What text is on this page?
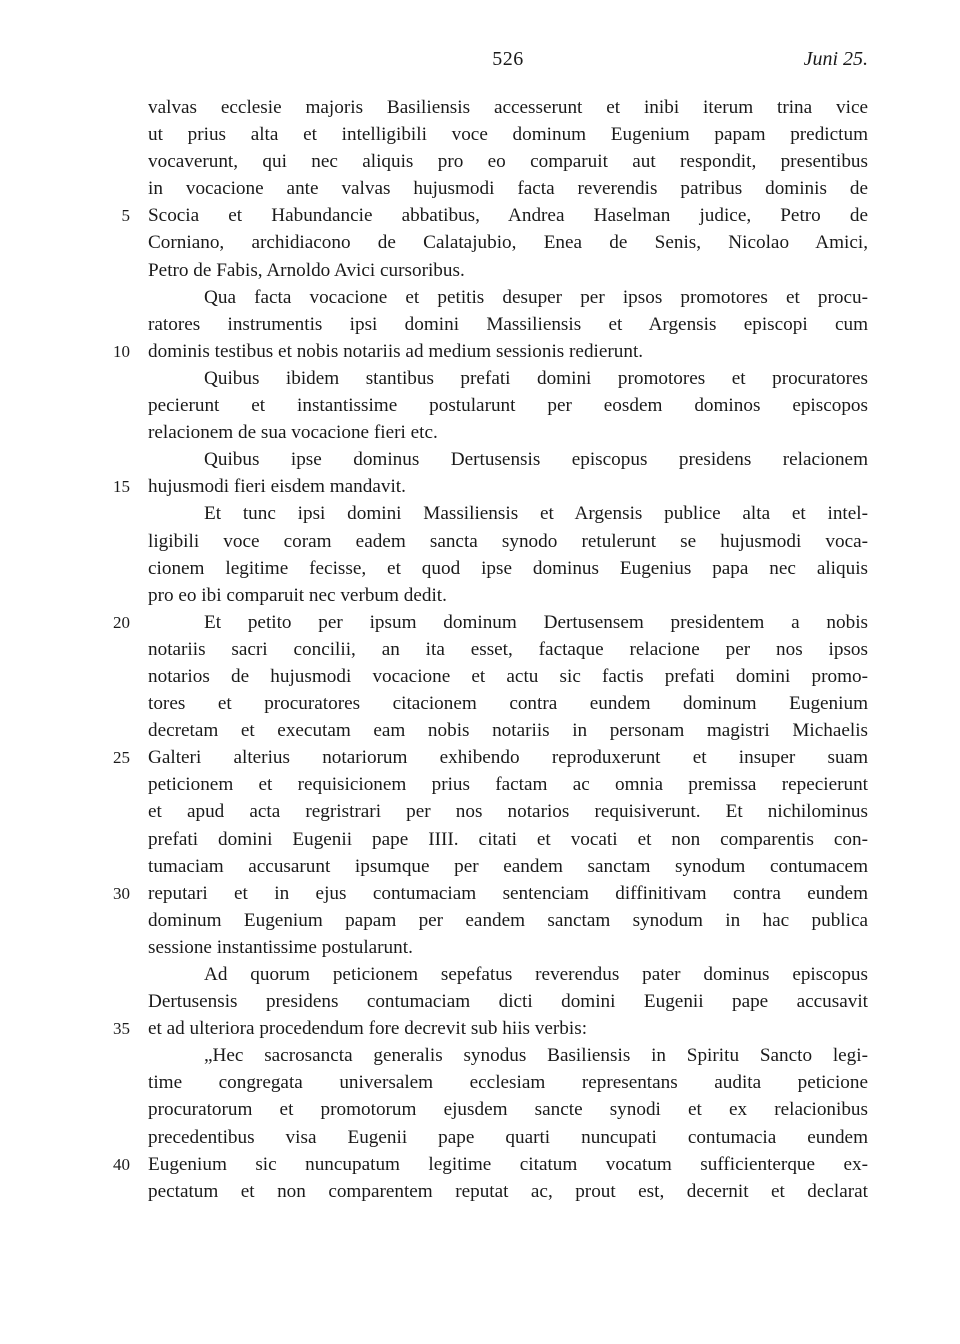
526	Juni 25.
valvas ecclesie majoris Basiliensis accesserunt et inibi iterum trina vice
ut prius alta et intelligibili voce dominum Eugenium papam predictum
vocaverunt, qui nec aliquis pro eo comparuit aut respondit, presentibus
in vocacione ante valvas hujusmodi facta reverendis patribus dominis de
5 Scocia et Habundancie abbatibus, Andrea Haselman judice, Petro de
Corniano, archidiacono de Calatajubio, Enea de Senis, Nicolao Amici,
Petro de Fabis, Arnoldo Avici cursoribus.
Qua facta vocacione et petitis desuper per ipsos promotores et procu-
ratores instrumentis ipsi domini Massiliensis et Argensis episcopi cum
10 dominis testibus et nobis notariis ad medium sessionis redierunt.
Quibus ibidem stantibus prefati domini promotores et procuratores
pecierunt et instantissime postularunt per eosdem dominos episcopos
relacionem de sua vocacione fieri etc.
Quibus ipse dominus Dertusensis episcopus presidens relacionem
15 hujusmodi fieri eisdem mandavit.
Et tunc ipsi domini Massiliensis et Argensis publice alta et intel-
ligibili voce coram eadem sancta synodo retulerunt se hujusmodi voca-
cionem legitime fecisse, et quod ipse dominus Eugenius papa nec aliquis
pro eo ibi comparuit nec verbum dedit.
20	Et petito per ipsum dominum Dertusensem presidentem a nobis
notariis sacri concilii, an ita esset, factaque relacione per nos ipsos
notarios de hujusmodi vocacione et actu sic factis prefati domini promo-
tores et procuratores citacionem contra eundem dominum Eugenium
decretam et executam eam nobis notariis in personam magistri Michaelis
25 Galteri alterius notariorum exhibendo reproduxerunt et insuper suam
peticionem et requisicionem prius factam ac omnia premissa repecierunt
et apud acta regristrari per nos notarios requisiverunt. Et nichilominus
prefati domini Eugenii pape IIII. citati et vocati et non comparentis con-
tumaciam accusarunt ipsumque per eandem sanctam synodum contumacem
30 reputari et in ejus contumaciam sentenciam diffinitivam contra eundem
dominum Eugenium papam per eandem sanctam synodum in hac publica
sessione instantissime postularunt.
Ad quorum peticionem sepefatus reverendus pater dominus episcopus
Dertusensis presidens contumaciam dicti domini Eugenii pape accusavit
35 et ad ulteriora procedendum fore decrevit sub hiis verbis:
„Hec sacrosancta generalis synodus Basiliensis in Spiritu Sancto legi-
time congregata universalem ecclesiam representans audita peticione
procuratorum et promotorum ejusdem sancte synodi et ex relacionibus
precedentibus visa Eugenii pape quarti nuncupati contumacia eundem
40 Eugenium sic nuncupatum legitime citatum vocatum sufficienterque ex-
pectatum et non comparentem reputat ac, prout est, decernit et declarat
